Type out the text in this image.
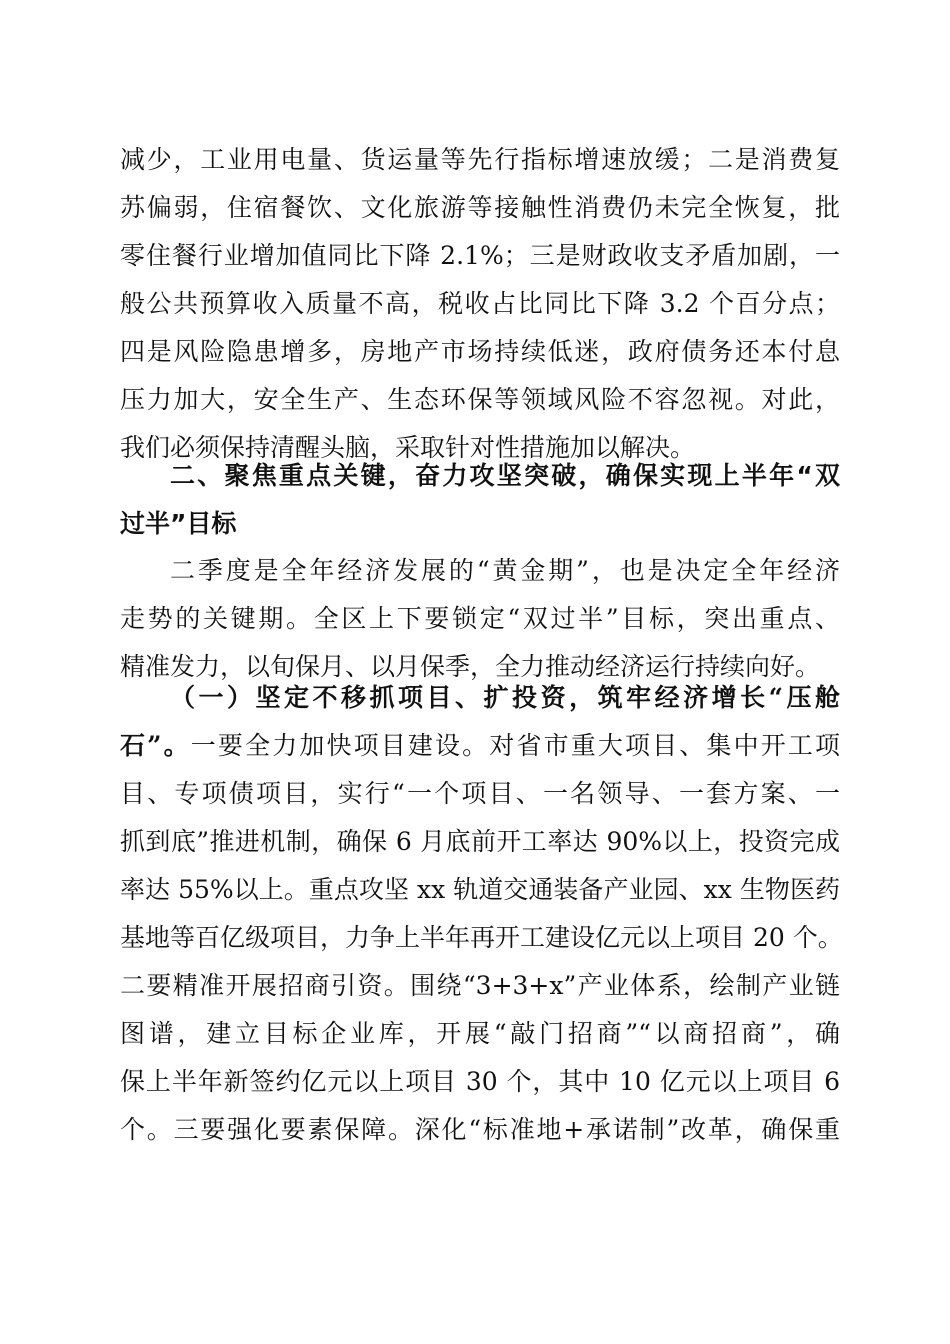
减少，工业用电量、货运量等先行指标增速放缓；二是消费复
苏偏弱，住宿餐饮、文化旅游等接触性消费仍未完全恢复，批
零住餐行业增加值同比下降 2.1%；三是财政收支矛盾加剧，一
般公共预算收入质量不高，税收占比同比下降 3.2 个百分点；
四是风险隐患增多，房地产市场持续低迷，政府债务还本付息
压力加大，安全生产、生态环保等领域风险不容忽视。对此，
我们必须保持清醒头脑，采取针对性措施加以解决。
二、聚焦重点关键，奋力攻坚突破，确保实现上半年“双
过半”目标
二季度是全年经济发展的“黄金期”，也是决定全年经济
走势的关键期。全区上下要锁定“双过半”目标，突出重点、
精准发力，以旬保月、以月保季，全力推动经济运行持续向好。
（一）坚定不移抓项目、扩投资，筑牢经济增长“压舱
石”。一要全力加快项目建设。对省市重大项目、集中开工项
目、专项债项目，实行“一个项目、一名领导、一套方案、一
抓到底”推进机制，确保 6 月底前开工率达 90%以上，投资完成
率达 55%以上。重点攻坚 xx 轨道交通装备产业园、xx 生物医药
基地等百亿级项目，力争上半年再开工建设亿元以上项目 20 个。
二要精准开展招商引资。围绕“3+3+x”产业体系，绘制产业链
图谱，建立目标企业库，开展“敲门招商”“以商招商”，确
保上半年新签约亿元以上项目 30 个，其中 10 亿元以上项目 6
个。三要强化要素保障。深化“标准地+承诺制”改革，确保重
